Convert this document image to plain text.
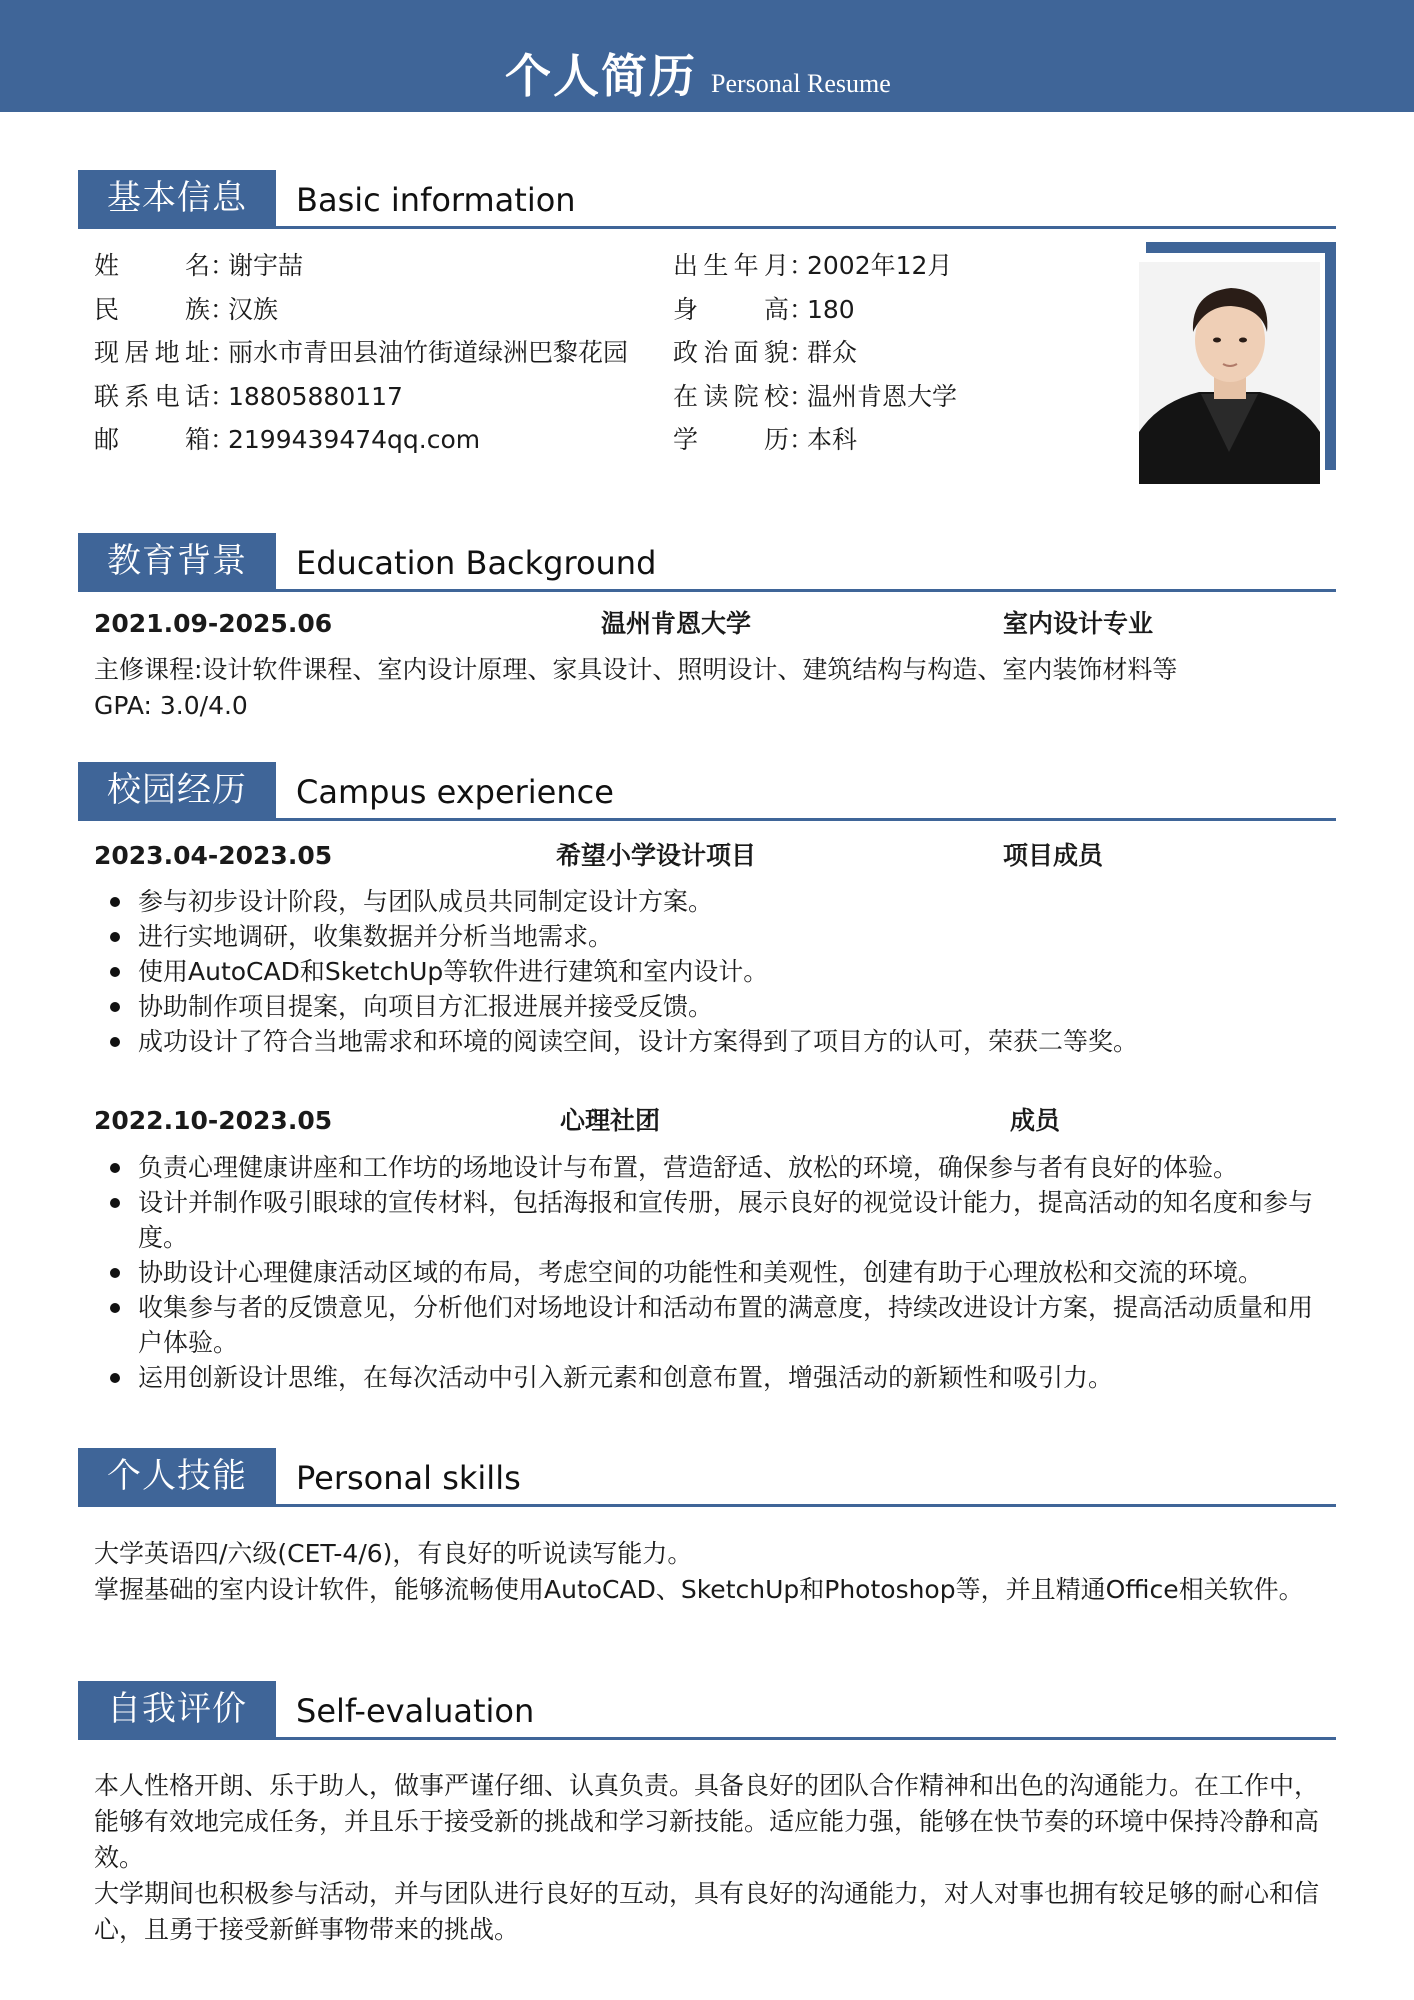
个人简历 Personal Resume
基本信息	Basic information
姓名：谢宇喆
民族：汉族
现居地址：丽水市青田县油竹街道绿洲巴黎花园
联系电话：18805880117
邮箱：2199439474qq.com
出生年月：2002年12月
身高：180
政治面貌：群众
在读院校：温州肯恩大学
学历：本科
教育背景	Education Background
2021.09-2025.06	温州肯恩大学	室内设计专业
主修课程:设计软件课程、室内设计原理、家具设计、照明设计、建筑结构与构造、室内装饰材料等
GPA: 3.0/4.0
校园经历	Campus experience
2023.04-2023.05	希望小学设计项目	项目成员
参与初步设计阶段，与团队成员共同制定设计方案。
进行实地调研，收集数据并分析当地需求。
使用AutoCAD和SketchUp等软件进行建筑和室内设计。
协助制作项目提案，向项目方汇报进展并接受反馈。
成功设计了符合当地需求和环境的阅读空间，设计方案得到了项目方的认可，荣获二等奖。
2022.10-2023.05	心理社团	成员
负责心理健康讲座和工作坊的场地设计与布置，营造舒适、放松的环境，确保参与者有良好的体验。
设计并制作吸引眼球的宣传材料，包括海报和宣传册，展示良好的视觉设计能力，提高活动的知名度和参与度。
协助设计心理健康活动区域的布局，考虑空间的功能性和美观性，创建有助于心理放松和交流的环境。
收集参与者的反馈意见，分析他们对场地设计和活动布置的满意度，持续改进设计方案，提高活动质量和用户体验。
运用创新设计思维，在每次活动中引入新元素和创意布置，增强活动的新颖性和吸引力。
个人技能	Personal skills
大学英语四/六级(CET-4/6)，有良好的听说读写能力。
掌握基础的室内设计软件，能够流畅使用AutoCAD、SketchUp和Photoshop等，并且精通Office相关软件。
自我评价	Self-evaluation
本人性格开朗、乐于助人，做事严谨仔细、认真负责。具备良好的团队合作精神和出色的沟通能力。在工作中，能够有效地完成任务，并且乐于接受新的挑战和学习新技能。适应能力强，能够在快节奏的环境中保持冷静和高效。
大学期间也积极参与活动，并与团队进行良好的互动，具有良好的沟通能力，对人对事也拥有较足够的耐心和信心，且勇于接受新鲜事物带来的挑战。
